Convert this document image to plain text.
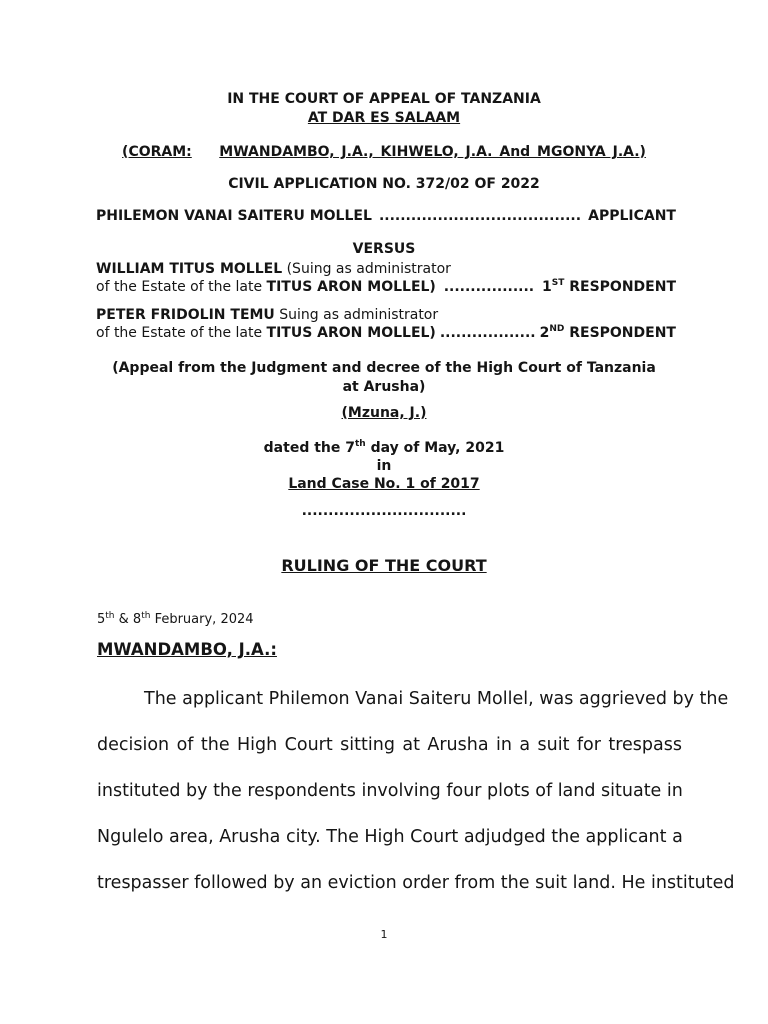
IN THE COURT OF APPEAL OF TANZANIA
AT DAR ES SALAAM
(CORAM: MWANDAMBO, J.A., KIHWELO, J.A. And MGONYA J.A.)
CIVIL APPLICATION NO. 372/02 OF 2022
PHILEMON VANAI SAITERU MOLLEL ...................................... APPLICANT
VERSUS
WILLIAM TITUS MOLLEL (Suing as administrator
of the Estate of the late TITUS ARON MOLLEL) ................. 1ST RESPONDENT
PETER FRIDOLIN TEMU Suing as administrator
of the Estate of the late TITUS ARON MOLLEL) .................. 2ND RESPONDENT
(Appeal from the Judgment and decree of the High Court of Tanzania
at Arusha)
(Mzuna, J.)
dated the 7th day of May, 2021
in
Land Case No. 1 of 2017
...............................
RULING OF THE COURT
5th & 8th February, 2024
MWANDAMBO, J.A.:
The applicant Philemon Vanai Saiteru Mollel, was aggrieved by the
decision of the High Court sitting at Arusha in a suit for trespass
instituted by the respondents involving four plots of land situate in
Ngulelo area, Arusha city. The High Court adjudged the applicant a
trespasser followed by an eviction order from the suit land. He instituted
1
